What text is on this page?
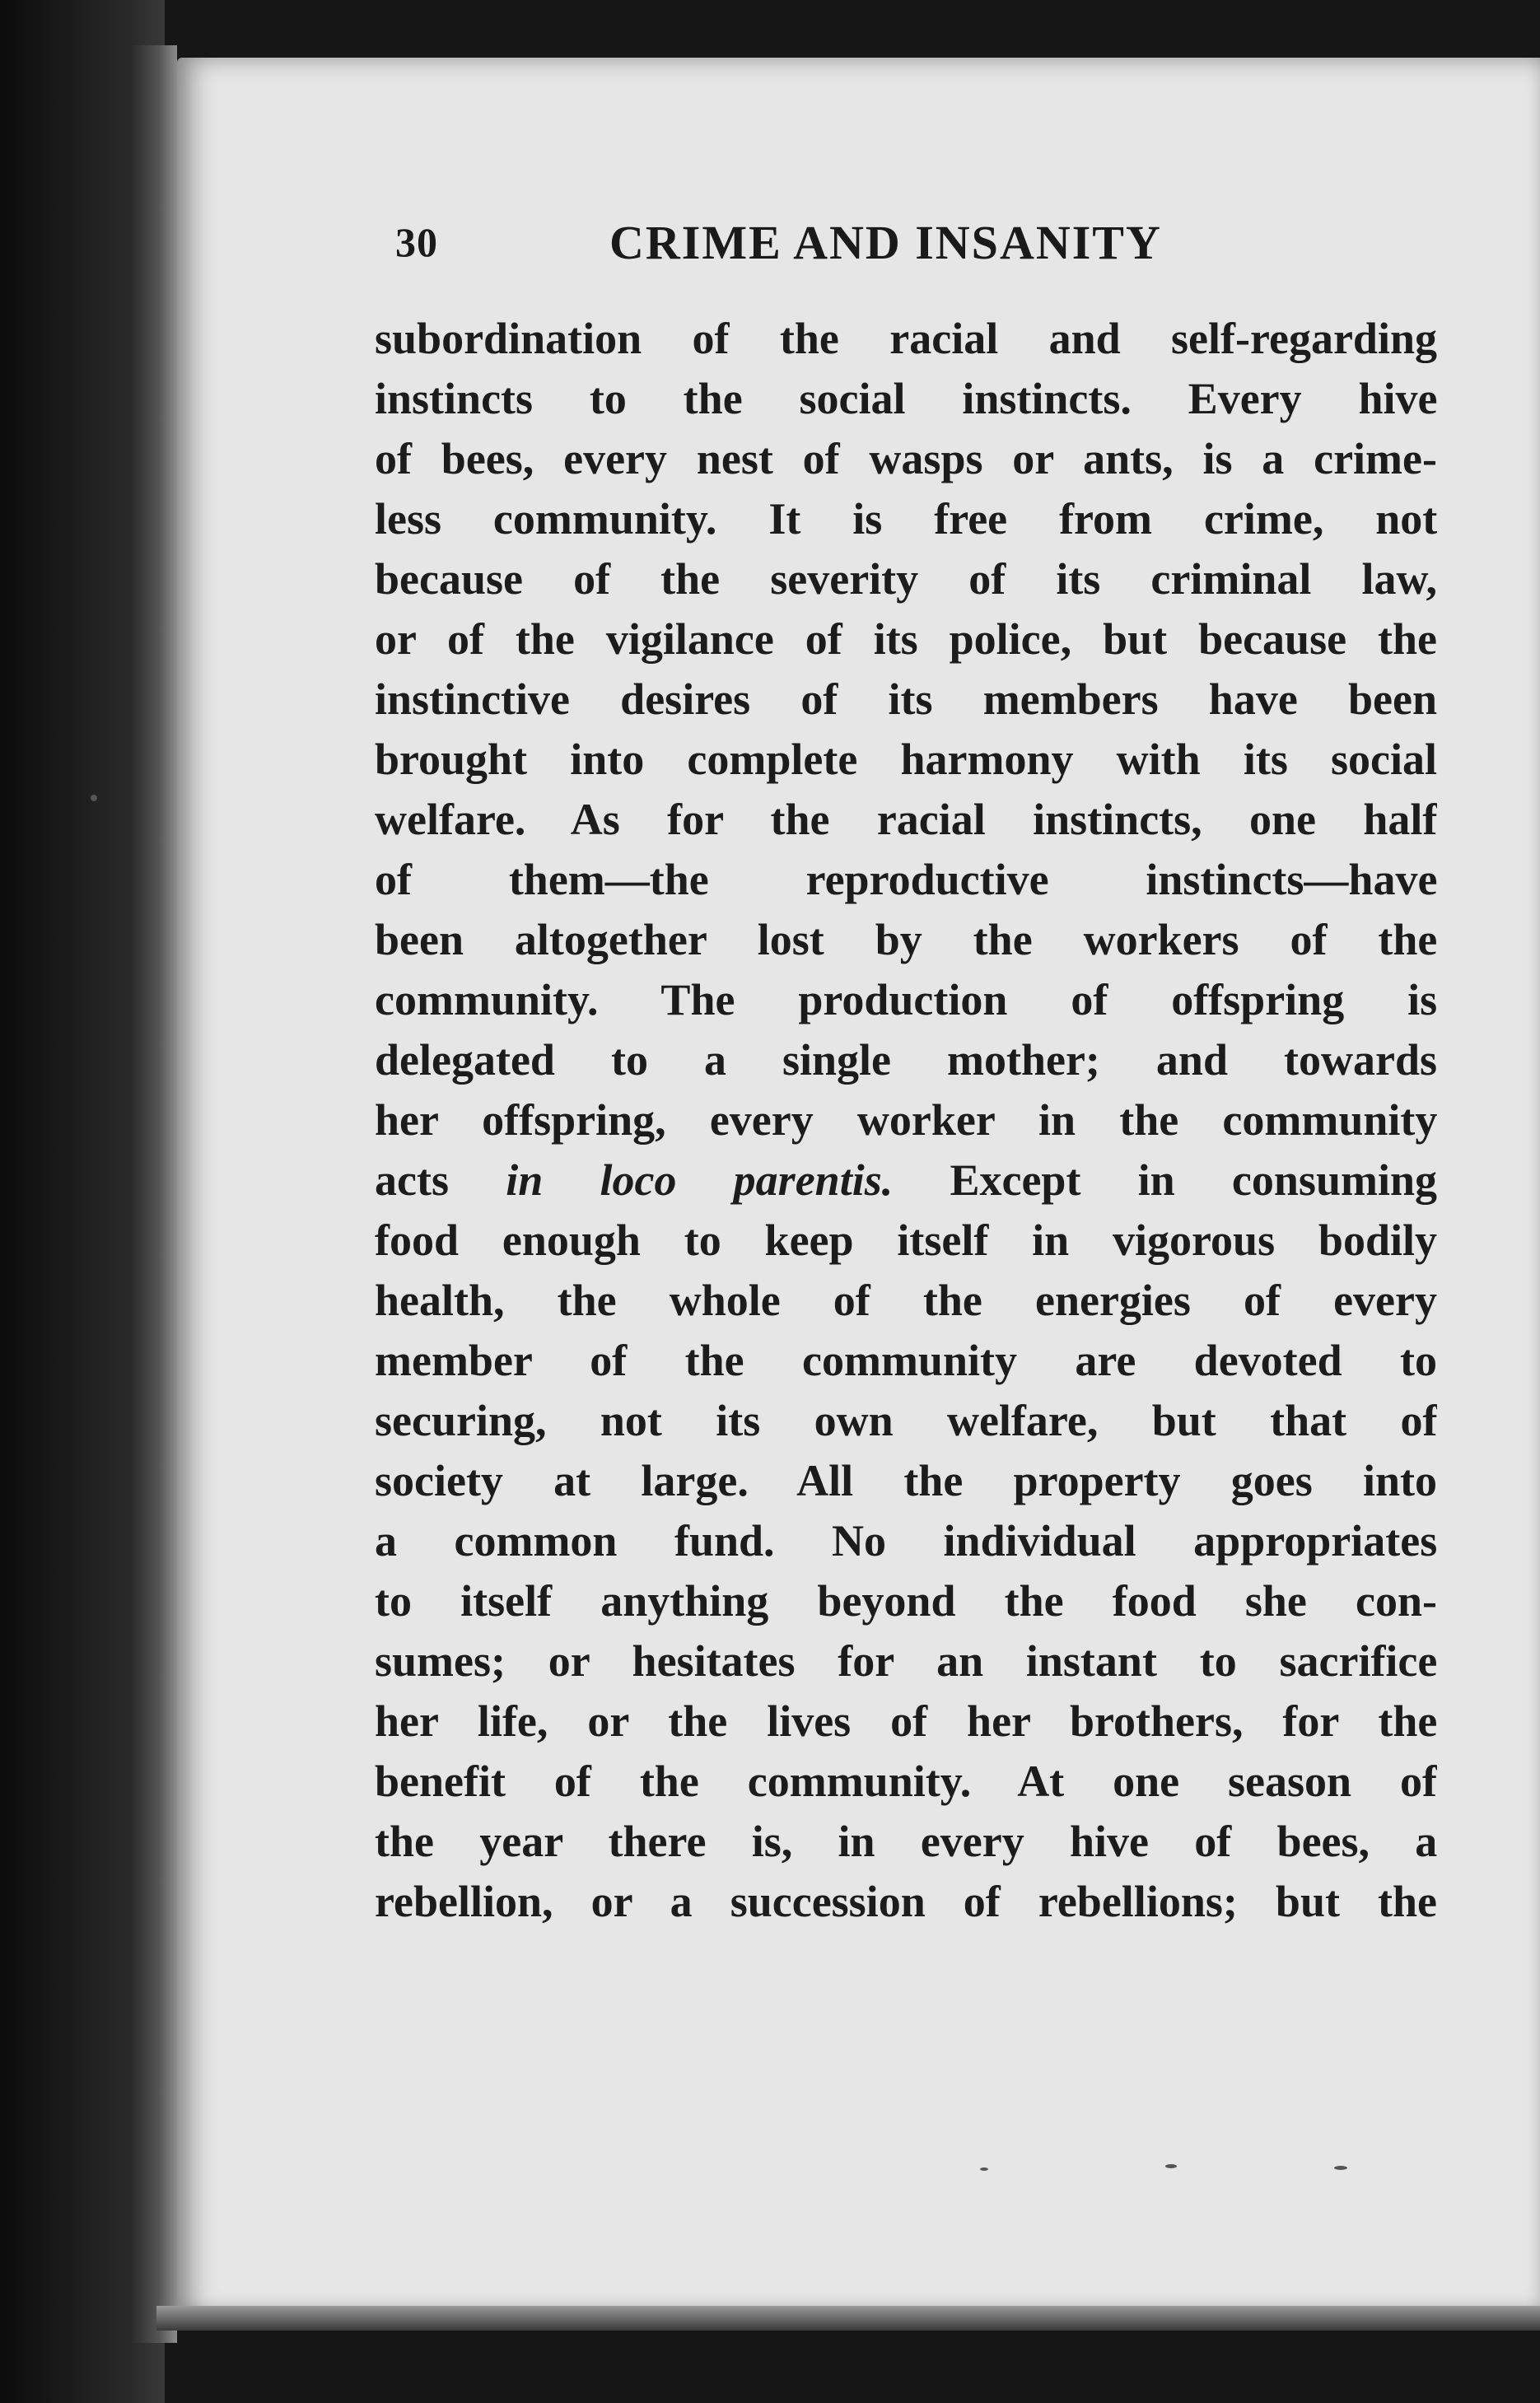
30	CRIME AND INSANITY
subordination of the racial and self-regarding
instincts to the social instincts. Every hive
of bees, every nest of wasps or ants, is a crime-
less community. It is free from crime, not
because of the severity of its criminal law,
or of the vigilance of its police, but because the
instinctive desires of its members have been
brought into complete harmony with its social
welfare. As for the racial instincts, one half
of them—the reproductive instincts—have
been altogether lost by the workers of the
community. The production of offspring is
delegated to a single mother; and towards
her offspring, every worker in the community
acts in loco parentis. Except in consuming
food enough to keep itself in vigorous bodily
health, the whole of the energies of every
member of the community are devoted to
securing, not its own welfare, but that of
society at large. All the property goes into
a common fund. No individual appropriates
to itself anything beyond the food she con-
sumes; or hesitates for an instant to sacrifice
her life, or the lives of her brothers, for the
benefit of the community. At one season of
the year there is, in every hive of bees, a
rebellion, or a succession of rebellions; but the
